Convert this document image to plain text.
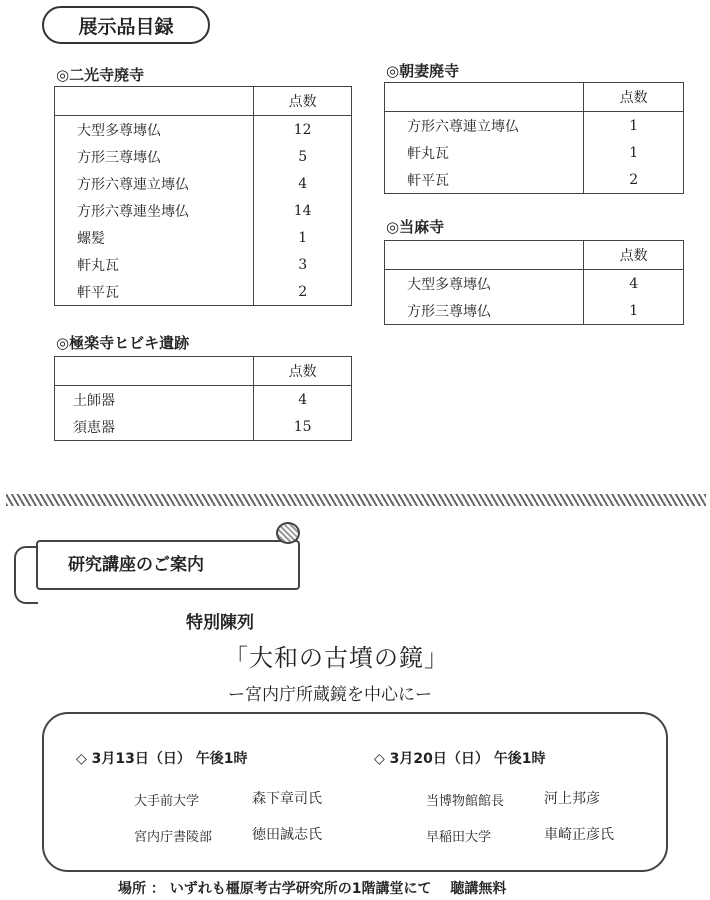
展示品目録
◎二光寺廃寺
	点数
大型多尊塼仏	12
方形三尊塼仏	5
方形六尊連立塼仏	4
方形六尊連坐塼仏	14
螺髪	1
軒丸瓦	3
軒平瓦	2
◎極楽寺ヒビキ遺跡
	点数
土師器	4
須恵器	15
◎朝妻廃寺
	点数
方形六尊連立塼仏	1
軒丸瓦	1
軒平瓦	2
◎当麻寺
	点数
大型多尊塼仏	4
方形三尊塼仏	1
研究講座のご案内
特別陳列
「大和の古墳の鏡」
ー宮内庁所蔵鏡を中心にー
◇ 3月13日（日） 午後1時
大手前大学	森下章司氏
宮内庁書陵部	徳田誠志氏
◇ 3月20日（日） 午後1時
当博物館館長	河上邦彦
早稲田大学	車崎正彦氏
場所 ： いずれも橿原考古学研究所の1階講堂にて　 聴講無料
